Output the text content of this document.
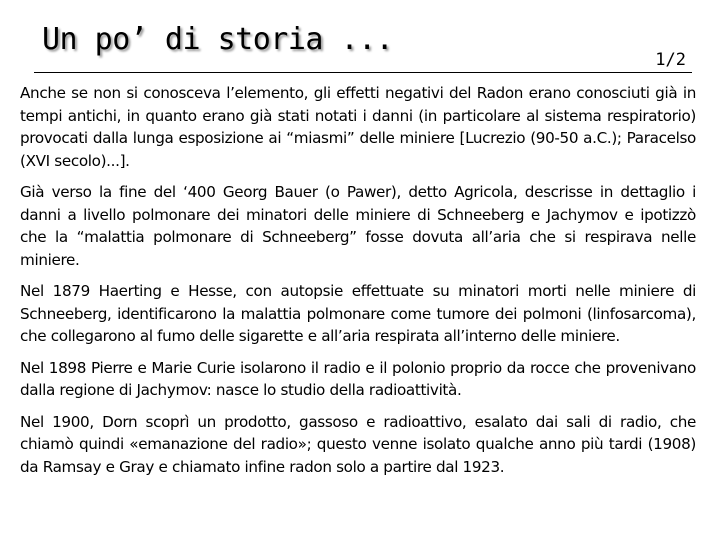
Un po’ di storia ...
1/2

Anche se non si conosceva l’elemento, gli effetti negativi del Radon erano conosciuti già in tempi antichi, in quanto erano già stati notati i danni (in particolare al sistema respiratorio) provocati dalla lunga esposizione ai “miasmi” delle miniere [Lucrezio (90-50 a.C.); Paracelso (XVI secolo)...].

Già verso la fine del ‘400 Georg Bauer (o Pawer), detto Agricola, descrisse in dettaglio i danni a livello polmonare dei minatori delle miniere di Schneeberg e Jachymov e ipotizzò che la “malattia polmonare di Schneeberg” fosse dovuta all’aria che si respirava nelle miniere.

Nel 1879 Haerting e Hesse, con autopsie effettuate su minatori morti nelle miniere di Schneeberg, identificarono la malattia polmonare come tumore dei polmoni (linfosarcoma), che collegarono al fumo delle sigarette e all’aria respirata all’interno delle miniere.

Nel 1898 Pierre e Marie Curie isolarono il radio e il polonio proprio da rocce che provenivano dalla regione di Jachymov: nasce lo studio della radioattività.

Nel 1900, Dorn scoprì un prodotto, gassoso e radioattivo, esalato dai sali di radio, che chiamò quindi «emanazione del radio»; questo venne isolato qualche anno più tardi (1908) da Ramsay e Gray e chiamato infine radon solo a partire dal 1923.
